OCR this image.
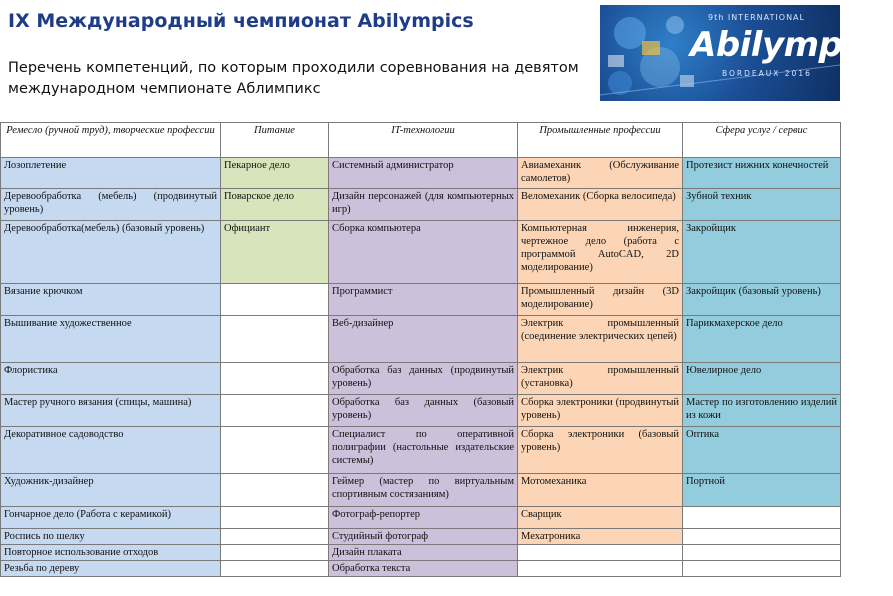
IX Международный чемпионат Abilympics
Перечень компетенций, по которым проходили соревнования на девятом международном чемпионате Аблимпикс
9th INTERNATIONAL
Abilympics
BORDEAUX 2016
Ремесло (ручной труд), творческие профессии	Питание	IT-технологии	Промышленные профессии	Сфера услуг / сервис
Лозоплетение	Пекарное дело	Системный администратор	Авиамеханик (Обслуживание самолетов)	Протезист нижних конечностей
Деревообработка (мебель) (продвинутый уровень)	Поварское дело	Дизайн персонажей (для компьютерных игр)	Веломеханик (Сборка велосипеда)	Зубной техник
Деревообработка(мебель) (базовый уровень)	Официант	Сборка компьютера	Компьютерная инженерия, чертежное дело (работа с программой AutoCAD, 2D моделирование)	Закройщик
Вязание крючком		Программист	Промышленный дизайн (3D моделирование)	Закройщик (базовый уровень)
Вышивание художественное		Веб-дизайнер	Электрик промышленный (соединение электрических цепей)	Парикмахерское дело
Флористика		Обработка баз данных (продвинутый уровень)	Электрик промышленный (установка)	Ювелирное дело
Мастер ручного вязания (спицы, машина)		Обработка баз данных (базовый уровень)	Сборка электроники (продвинутый уровень)	Мастер по изготовлению изделий из кожи
Декоративное садоводство		Специалист по оперативной полиграфии (настольные издательские системы)	Сборка электроники (базовый уровень)	Оптика
Художник-дизайнер		Геймер (мастер по виртуальным спортивным состязаниям)	Мотомеханика	Портной
Гончарное дело (Работа с керамикой)		Фотограф-репортер	Сварщик	
Роспись по шелку		Студийный фотограф	Мехатроника	
Повторное использование отходов		Дизайн плаката		
Резьба по дереву		Обработка текста		
